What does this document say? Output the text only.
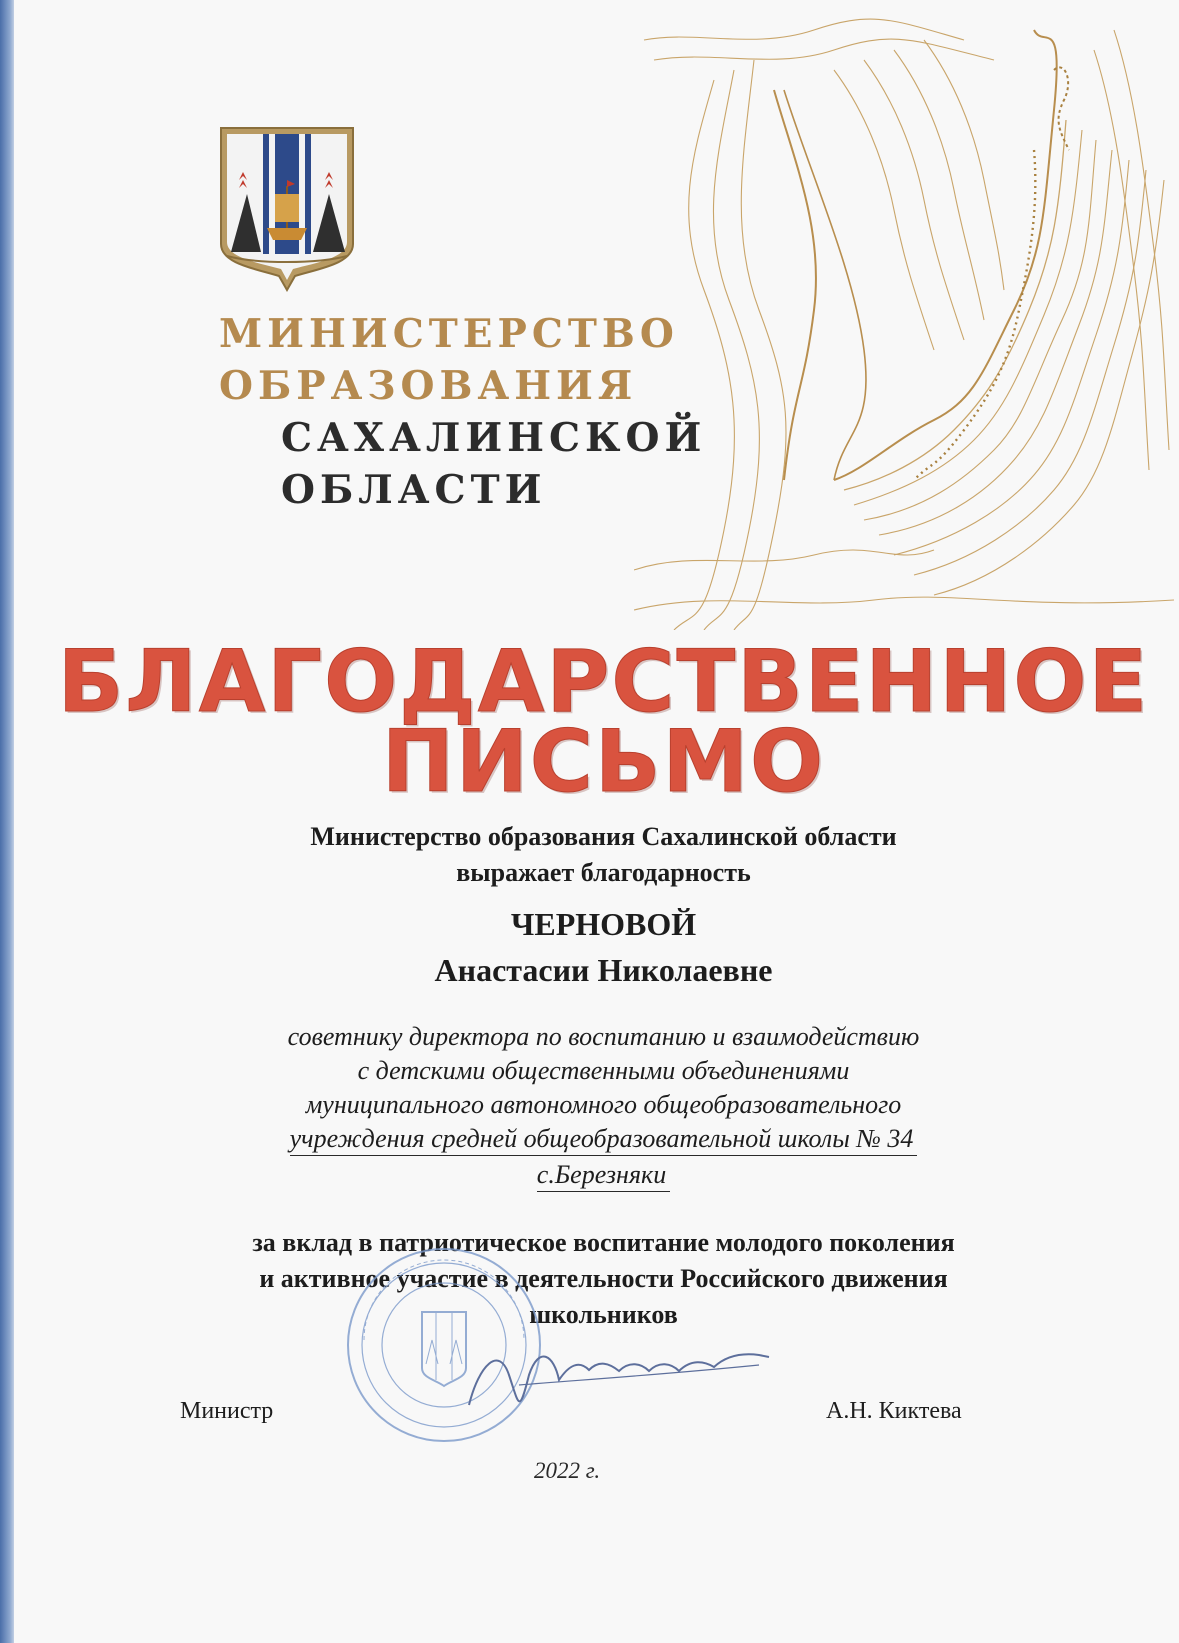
МИНИСТЕРСТВО
ОБРАЗОВАНИЯ
САХАЛИНСКОЙ
ОБЛАСТИ
БЛАГОДАРСТВЕННОЕ
ПИСЬМО
Министерство образования Сахалинской области
выражает благодарность
ЧЕРНОВОЙ
Анастасии Николаевне
советнику директора по воспитанию и взаимодействию
с детскими общественными объединениями
муниципального автономного общеобразовательного
учреждения средней общеобразовательной школы № 34
с.Березняки
за вклад в патриотическое воспитание молодого поколения
и активное участие в деятельности Российского движения
школьников
Министр	А.Н. Киктева
2022 г.
